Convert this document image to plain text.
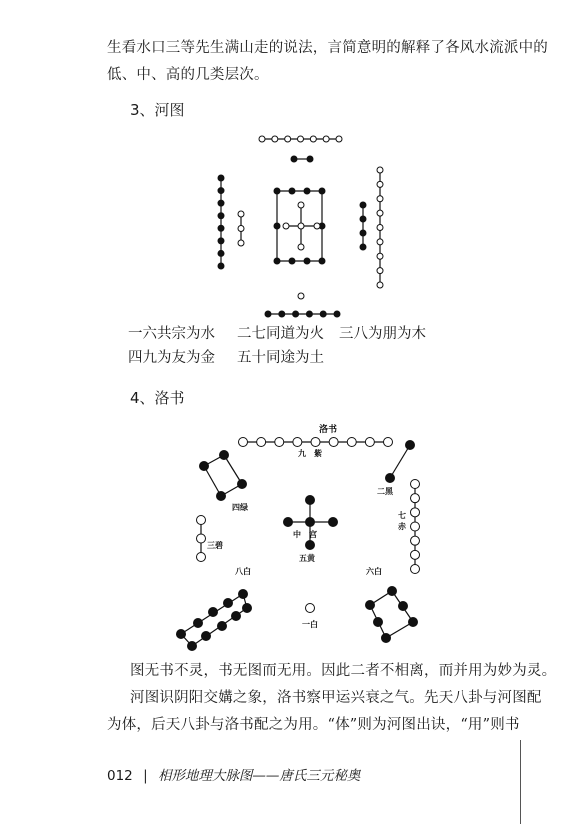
生看水口三等先生满山走的说法，言简意明的解释了各风水流派中的
低、中、高的几类层次。
3、河图
一六共宗为水 二七同道为火 三八为朋为木
四九为友为金 五十同途为土
4、洛书
洛书
九　紫
二黑
四绿
七赤
三碧
中　宫
五黄
八白	六白
一白
图无书不灵，书无图而无用。因此二者不相离，而并用为妙为灵。
河图识阴阳交媾之象，洛书察甲运兴衰之气。先天八卦与河图配
为体，后天八卦与洛书配之为用。“体”则为河图出诀，“用”则书
012 | 相形地理大脉图——唐氏三元秘奥
